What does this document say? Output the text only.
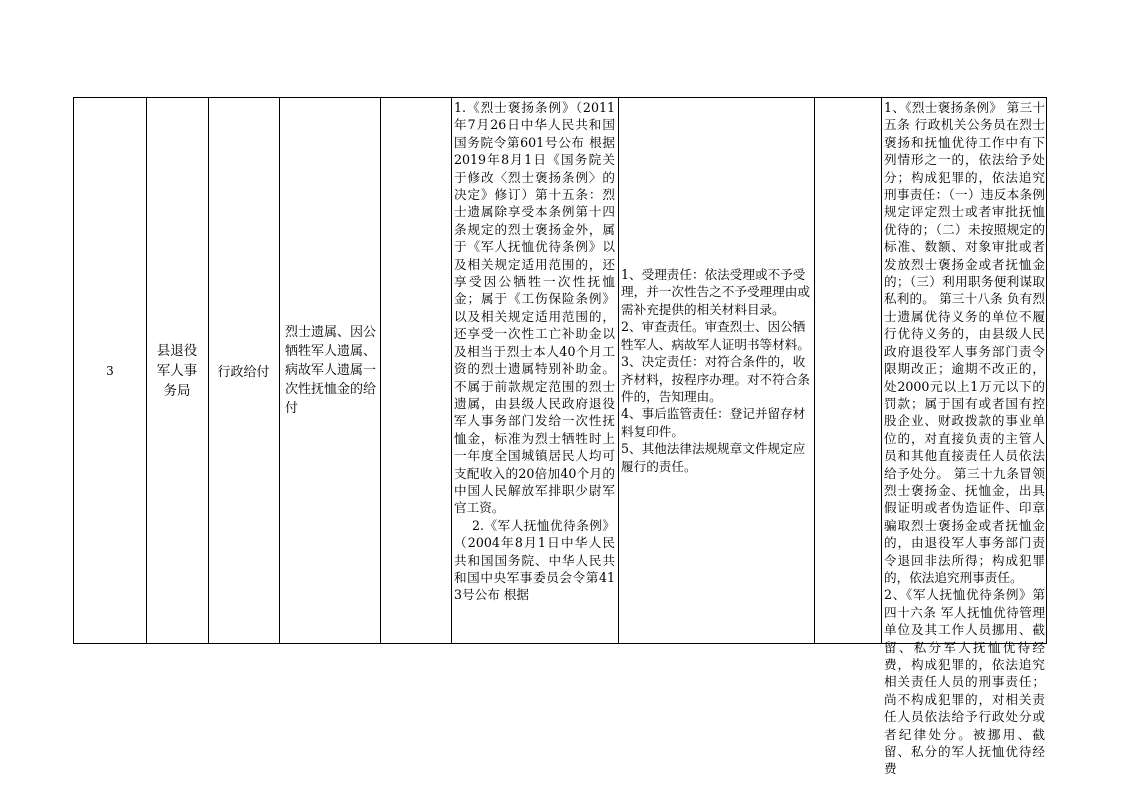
3
县退役军人事务局
行政给付
烈士遗属、因公牺牲军人遗属、病故军人遗属一次性抚恤金的给付
1.《烈士褒扬条例》（2011年7月26日中华人民共和国国务院令第601号公布 根据2019年8月1日《国务院关于修改〈烈士褒扬条例〉的决定》修订）第十五条：烈士遗属除享受本条例第十四条规定的烈士褒扬金外，属于《军人抚恤优待条例》以及相关规定适用范围的，还享受因公牺牲一次性抚恤金；属于《工伤保险条例》以及相关规定适用范围的，还享受一次性工亡补助金以及相当于烈士本人40个月工资的烈士遗属特别补助金。不属于前款规定范围的烈士遗属，由县级人民政府退役军人事务部门发给一次性抚恤金，标准为烈士牺牲时上一年度全国城镇居民人均可支配收入的20倍加40个月的中国人民解放军排职少尉军官工资。
2.《军人抚恤优待条例》（2004年8月1日中华人民共和国国务院、中华人民共和国中央军事委员会令第413号公布 根据
1、受理责任：依法受理或不予受理，并一次性告之不予受理理由或需补充提供的相关材料目录。
2、审查责任。审查烈士、因公牺牲军人、病故军人证明书等材料。
3、决定责任：对符合条件的，收齐材料，按程序办理。对不符合条件的，告知理由。
4、事后监管责任：登记并留存材料复印件。
5、其他法律法规规章文件规定应履行的责任。
1、《烈士褒扬条例》 第三十五条 行政机关公务员在烈士褒扬和抚恤优待工作中有下列情形之一的，依法给予处分；构成犯罪的，依法追究刑事责任：（一）违反本条例规定评定烈士或者审批抚恤优待的；（二）未按照规定的标准、数额、对象审批或者发放烈士褒扬金或者抚恤金的；（三）利用职务便利谋取私利的。 第三十八条 负有烈士遗属优待义务的单位不履行优待义务的，由县级人民政府退役军人事务部门责令限期改正；逾期不改正的，处2000元以上1万元以下的罚款；属于国有或者国有控股企业、财政拨款的事业单位的，对直接负责的主管人员和其他直接责任人员依法给予处分。 第三十九条冒领烈士褒扬金、抚恤金，出具假证明或者伪造证件、印章骗取烈士褒扬金或者抚恤金的，由退役军人事务部门责令退回非法所得；构成犯罪的，依法追究刑事责任。
2、《军人抚恤优待条例》第四十六条 军人抚恤优待管理单位及其工作人员挪用、截留、私分军人抚恤优待经费，构成犯罪的，依法追究相关责任人员的刑事责任；尚不构成犯罪的，对相关责任人员依法给予行政处分或者纪律处分。被挪用、截留、私分的军人抚恤优待经费
